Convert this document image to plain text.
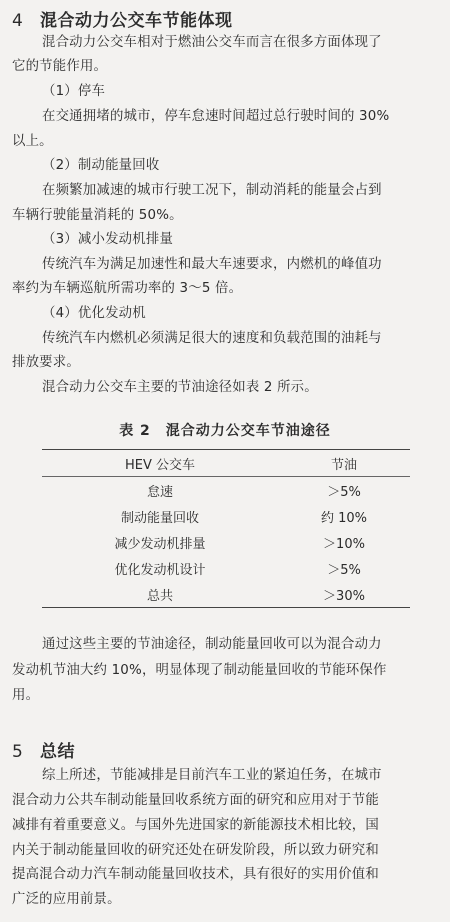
4 混合动力公交车节能体现
混合动力公交车相对于燃油公交车而言在很多方面体现了
它的节能作用。
（1）停车
在交通拥堵的城市，停车怠速时间超过总行驶时间的 30%
以上。
（2）制动能量回收
在频繁加减速的城市行驶工况下，制动消耗的能量会占到
车辆行驶能量消耗的 50%。
（3）减小发动机排量
传统汽车为满足加速性和最大车速要求，内燃机的峰值功
率约为车辆巡航所需功率的 3～5 倍。
（4）优化发动机
传统汽车内燃机必须满足很大的速度和负载范围的油耗与
排放要求。
混合动力公交车主要的节油途径如表 2 所示。
表 2　混合动力公交车节油途径
HEV 公交车	节油
怠速	＞5%
制动能量回收	约 10%
减少发动机排量	＞10%
优化发动机设计	＞5%
总共	＞30%
通过这些主要的节油途径，制动能量回收可以为混合动力
发动机节油大约 10%，明显体现了制动能量回收的节能环保作
用。
5 总结
综上所述，节能减排是目前汽车工业的紧迫任务，在城市
混合动力公共车制动能量回收系统方面的研究和应用对于节能
减排有着重要意义。与国外先进国家的新能源技术相比较，国
内关于制动能量回收的研究还处在研发阶段，所以致力研究和
提高混合动力汽车制动能量回收技术，具有很好的实用价值和
广泛的应用前景。
